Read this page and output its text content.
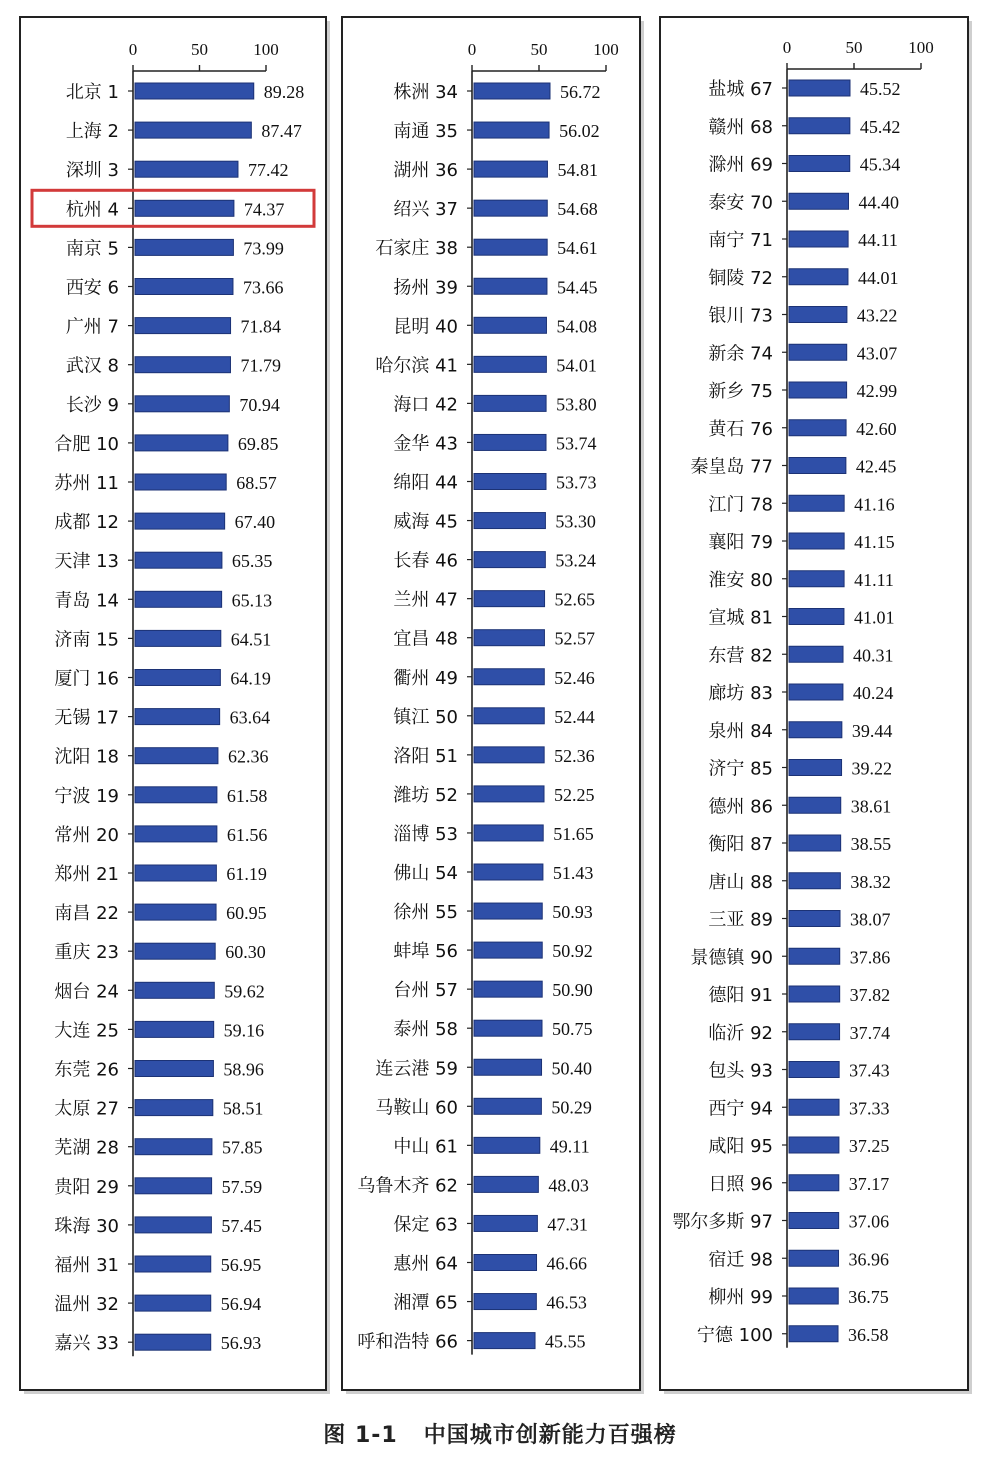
0	50	100
北京 1	89.28
上海 2	87.47
深圳 3	77.42
杭州 4	74.37
南京 5	73.99
西安 6	73.66
广州 7	71.84
武汉 8	71.79
长沙 9	70.94
合肥 10	69.85
苏州 11	68.57
成都 12	67.40
天津 13	65.35
青岛 14	65.13
济南 15	64.51
厦门 16	64.19
无锡 17	63.64
沈阳 18	62.36
宁波 19	61.58
常州 20	61.56
郑州 21	61.19
南昌 22	60.95
重庆 23	60.30
烟台 24	59.62
大连 25	59.16
东莞 26	58.96
太原 27	58.51
芜湖 28	57.85
贵阳 29	57.59
珠海 30	57.45
福州 31	56.95
温州 32	56.94
嘉兴 33	56.93
0	50	100
株洲 34	56.72
南通 35	56.02
湖州 36	54.81
绍兴 37	54.68
石家庄 38	54.61
扬州 39	54.45
昆明 40	54.08
哈尔滨 41	54.01
海口 42	53.80
金华 43	53.74
绵阳 44	53.73
威海 45	53.30
长春 46	53.24
兰州 47	52.65
宜昌 48	52.57
衢州 49	52.46
镇江 50	52.44
洛阳 51	52.36
潍坊 52	52.25
淄博 53	51.65
佛山 54	51.43
徐州 55	50.93
蚌埠 56	50.92
台州 57	50.90
泰州 58	50.75
连云港 59	50.40
马鞍山 60	50.29
中山 61	49.11
乌鲁木齐 62	48.03
保定 63	47.31
惠州 64	46.66
湘潭 65	46.53
呼和浩特 66	45.55
0	50	100
盐城 67	45.52
赣州 68	45.42
滁州 69	45.34
泰安 70	44.40
南宁 71	44.11
铜陵 72	44.01
银川 73	43.22
新余 74	43.07
新乡 75	42.99
黄石 76	42.60
秦皇岛 77	42.45
江门 78	41.16
襄阳 79	41.15
淮安 80	41.11
宣城 81	41.01
东营 82	40.31
廊坊 83	40.24
泉州 84	39.44
济宁 85	39.22
德州 86	38.61
衡阳 87	38.55
唐山 88	38.32
三亚 89	38.07
景德镇 90	37.86
德阳 91	37.82
临沂 92	37.74
包头 93	37.43
西宁 94	37.33
咸阳 95	37.25
日照 96	37.17
鄂尔多斯 97	37.06
宿迁 98	36.96
柳州 99	36.75
宁德 100	36.58
图 1-1 中国城市创新能力百强榜
